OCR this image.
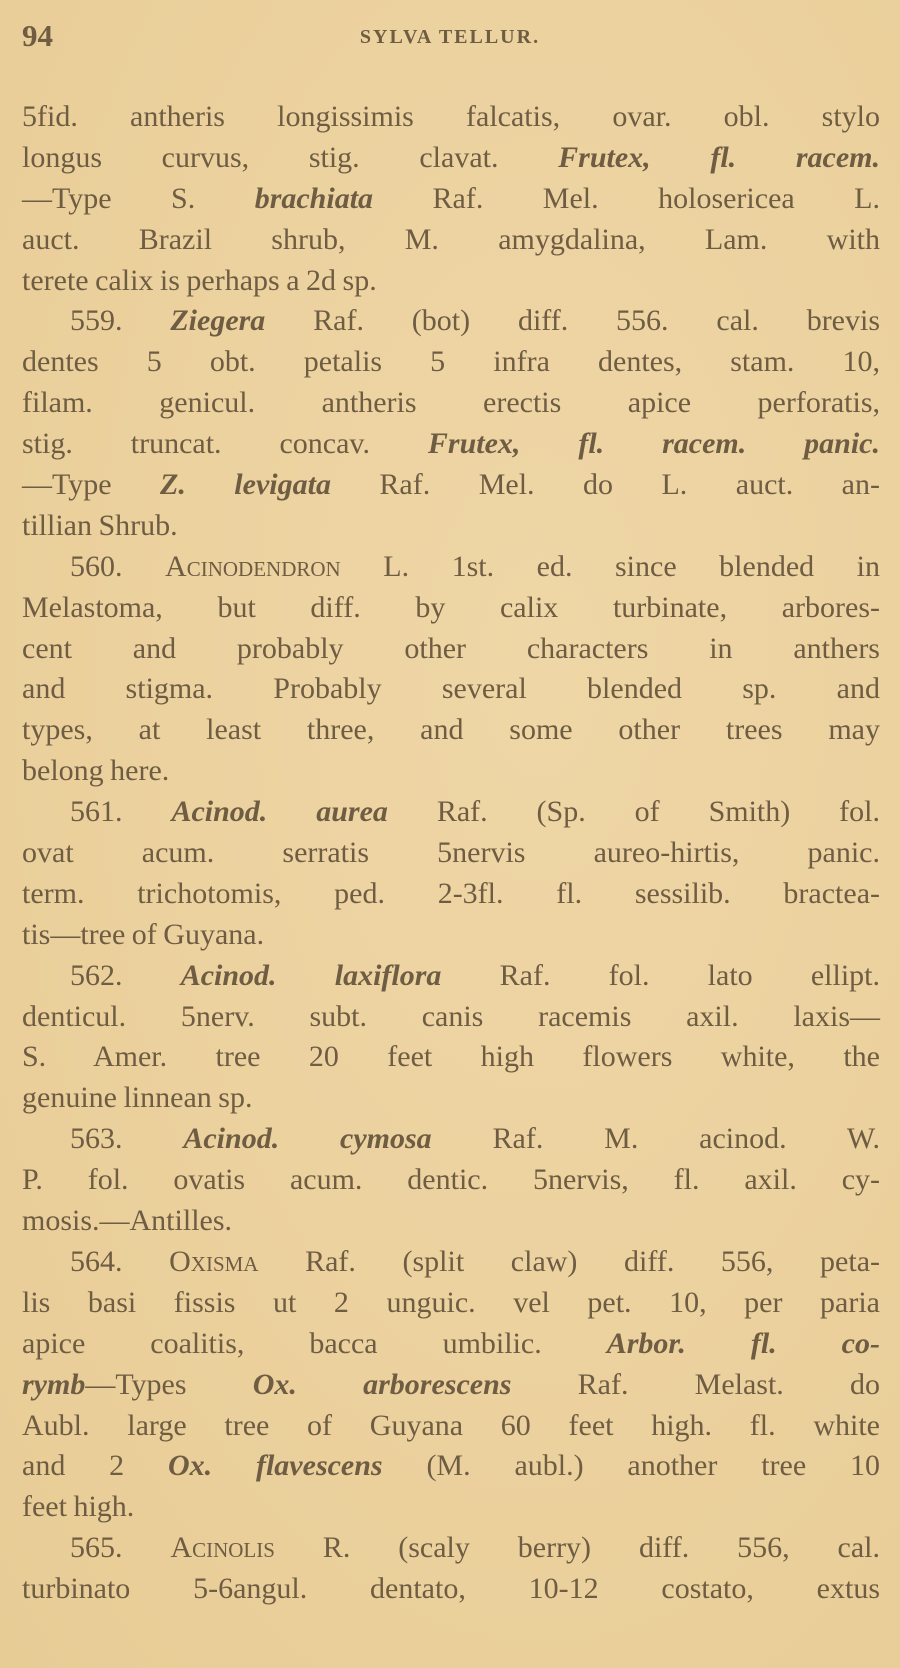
94	SYLVA TELLUR.
5fid. antheris longissimis falcatis, ovar. obl. stylo
longus curvus, stig. clavat. Frutex, fl. racem.
—Type S. brachiata Raf. Mel. holosericea L.
auct. Brazil shrub, M. amygdalina, Lam. with
terete calix is perhaps a 2d sp.
559. Ziegera Raf. (bot) diff. 556. cal. brevis
dentes 5 obt. petalis 5 infra dentes, stam. 10,
filam. genicul. antheris erectis apice perforatis,
stig. truncat. concav. Frutex, fl. racem. panic.
—Type Z. levigata Raf. Mel. do L. auct. an-
tillian Shrub.
560. Acinodendron L. 1st. ed. since blended in
Melastoma, but diff. by calix turbinate, arbores-
cent and probably other characters in anthers
and stigma. Probably several blended sp. and
types, at least three, and some other trees may
belong here.
561. Acinod. aurea Raf. (Sp. of Smith) fol.
ovat acum. serratis 5nervis aureo-hirtis, panic.
term. trichotomis, ped. 2-3fl. fl. sessilib. bractea-
tis—tree of Guyana.
562. Acinod. laxiflora Raf. fol. lato ellipt.
denticul. 5nerv. subt. canis racemis axil. laxis—
S. Amer. tree 20 feet high flowers white, the
genuine linnean sp.
563. Acinod. cymosa Raf. M. acinod. W.
P. fol. ovatis acum. dentic. 5nervis, fl. axil. cy-
mosis.—Antilles.
564. Oxisma Raf. (split claw) diff. 556, peta-
lis basi fissis ut 2 unguic. vel pet. 10, per paria
apice coalitis, bacca umbilic. Arbor. fl. co-
rymb—Types Ox. arborescens Raf. Melast. do
Aubl. large tree of Guyana 60 feet high. fl. white
and 2 Ox. flavescens (M. aubl.) another tree 10
feet high.
565. Acinolis R. (scaly berry) diff. 556, cal.
turbinato 5-6angul. dentato, 10-12 costato, extus
